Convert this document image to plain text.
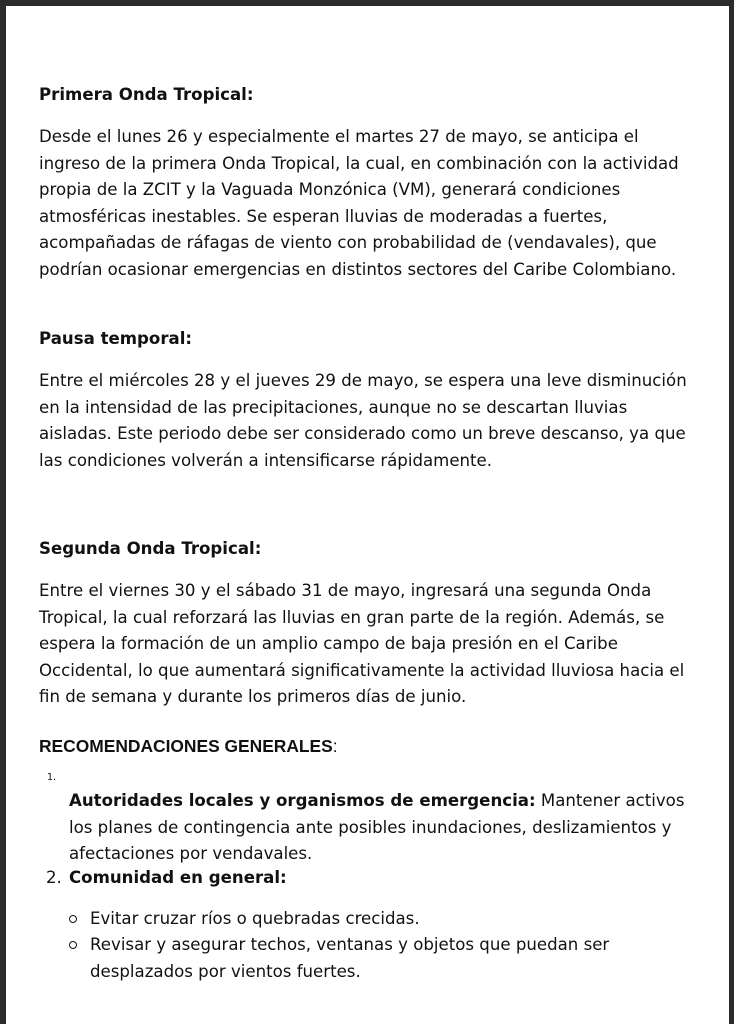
Primera Onda Tropical:

Desde el lunes 26 y especialmente el martes 27 de mayo, se anticipa el ingreso de la primera Onda Tropical, la cual, en combinación con la actividad propia de la ZCIT y la Vaguada Monzónica (VM), generará condiciones atmosféricas inestables. Se esperan lluvias de moderadas a fuertes, acompañadas de ráfagas de viento con probabilidad de (vendavales), que podrían ocasionar emergencias en distintos sectores del Caribe Colombiano.

Pausa temporal:

Entre el miércoles 28 y el jueves 29 de mayo, se espera una leve disminución en la intensidad de las precipitaciones, aunque no se descartan lluvias aisladas. Este periodo debe ser considerado como un breve descanso, ya que las condiciones volverán a intensificarse rápidamente.

Segunda Onda Tropical:

Entre el viernes 30 y el sábado 31 de mayo, ingresará una segunda Onda Tropical, la cual reforzará las lluvias en gran parte de la región. Además, se espera la formación de un amplio campo de baja presión en el Caribe Occidental, lo que aumentará significativamente la actividad lluviosa hacia el fin de semana y durante los primeros días de junio.

RECOMENDACIONES GENERALES:
1.

Autoridades locales y organismos de emergencia: Mantener activos los planes de contingencia ante posibles inundaciones, deslizamientos y afectaciones por vendavales.

2. Comunidad en general:
Evitar cruzar ríos o quebradas crecidas.
Revisar y asegurar techos, ventanas y objetos que puedan ser desplazados por vientos fuertes.
